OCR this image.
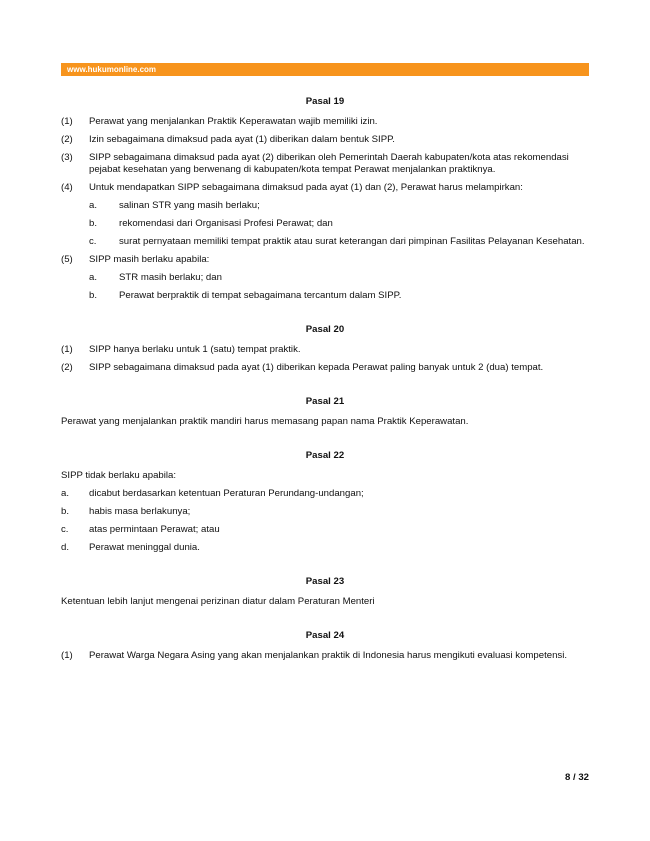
www.hukumonline.com
Pasal 19
(1)	Perawat yang menjalankan Praktik Keperawatan wajib memiliki izin.
(2)	Izin sebagaimana dimaksud pada ayat (1) diberikan dalam bentuk SIPP.
(3)	SIPP sebagaimana dimaksud pada ayat (2) diberikan oleh Pemerintah Daerah kabupaten/kota atas rekomendasi pejabat kesehatan yang berwenang di kabupaten/kota tempat Perawat menjalankan praktiknya.
(4)	Untuk mendapatkan SIPP sebagaimana dimaksud pada ayat (1) dan (2), Perawat harus melampirkan:
a.	salinan STR yang masih berlaku;
b.	rekomendasi dari Organisasi Profesi Perawat; dan
c.	surat pernyataan memiliki tempat praktik atau surat keterangan dari pimpinan Fasilitas Pelayanan Kesehatan.
(5)	SIPP masih berlaku apabila:
a.	STR masih berlaku; dan
b.	Perawat berpraktik di tempat sebagaimana tercantum dalam SIPP.
Pasal 20
(1)	SIPP hanya berlaku untuk 1 (satu) tempat praktik.
(2)	SIPP sebagaimana dimaksud pada ayat (1) diberikan kepada Perawat paling banyak untuk 2 (dua) tempat.
Pasal 21
Perawat yang menjalankan praktik mandiri harus memasang papan nama Praktik Keperawatan.
Pasal 22
SIPP tidak berlaku apabila:
a.	dicabut berdasarkan ketentuan Peraturan Perundang-undangan;
b.	habis masa berlakunya;
c.	atas permintaan Perawat; atau
d.	Perawat meninggal dunia.
Pasal 23
Ketentuan lebih lanjut mengenai perizinan diatur dalam Peraturan Menteri
Pasal 24
(1)	Perawat Warga Negara Asing yang akan menjalankan praktik di Indonesia harus mengikuti evaluasi kompetensi.
8 / 32
